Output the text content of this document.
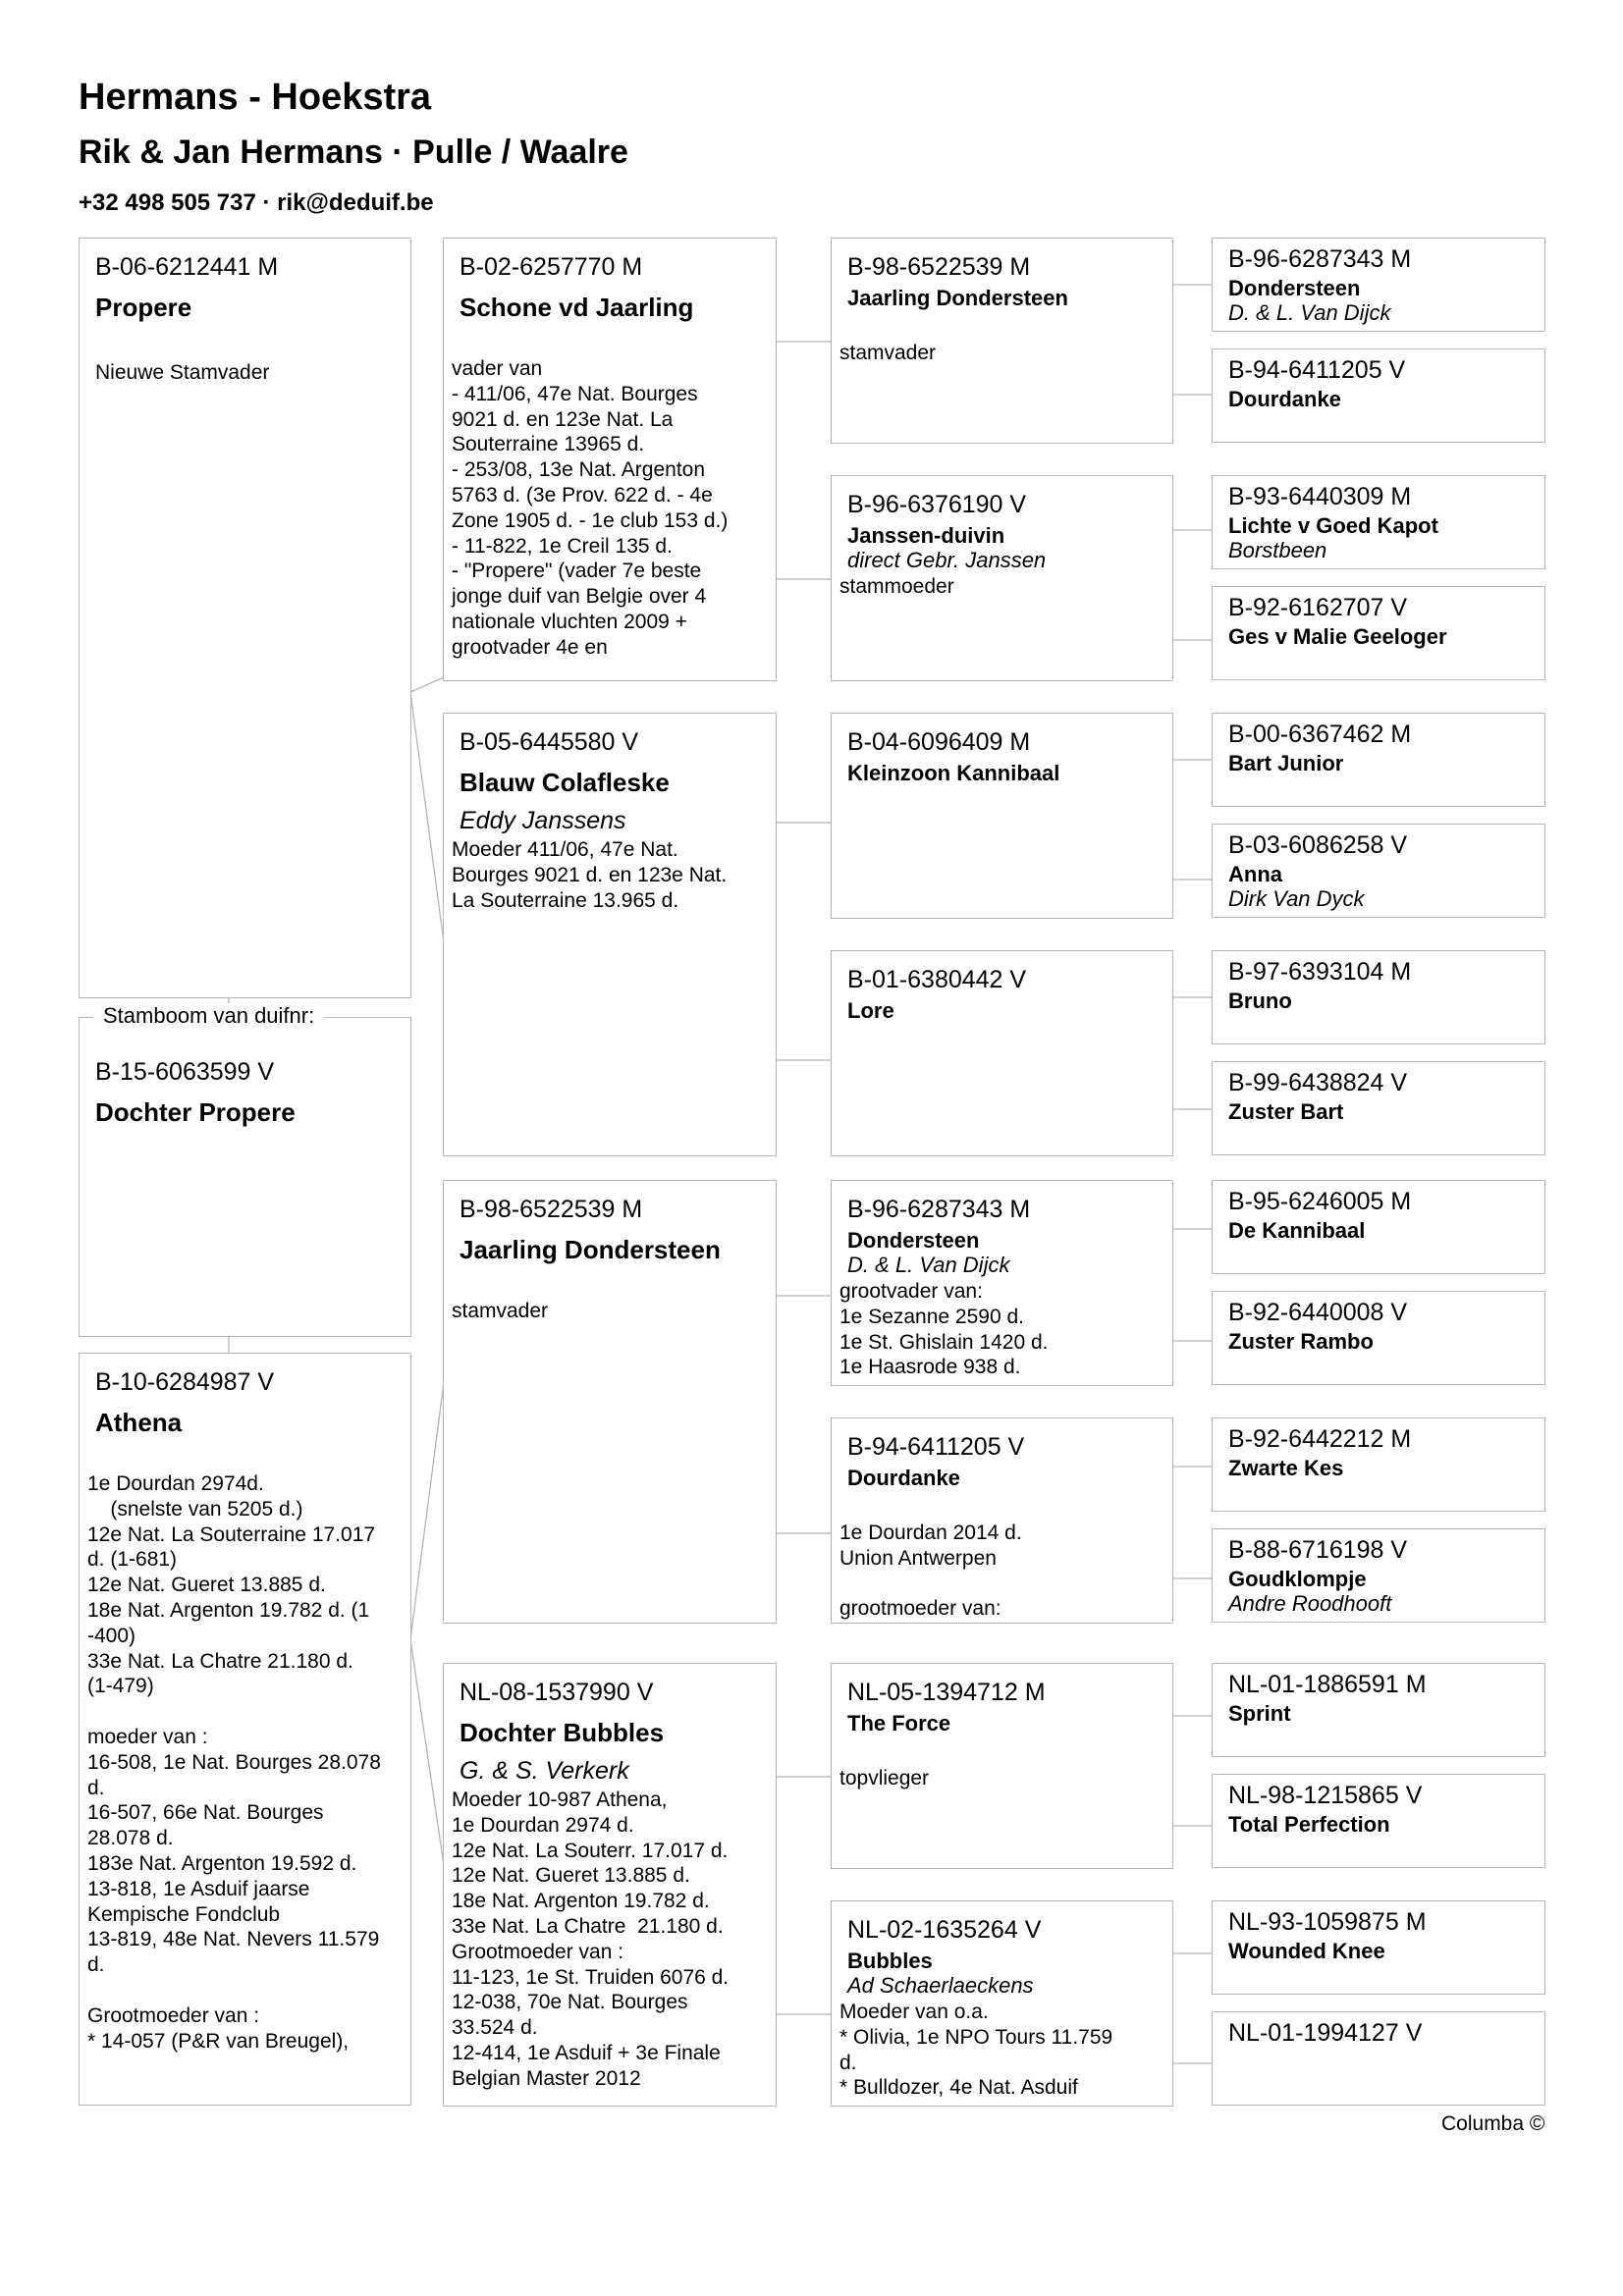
Hermans - Hoekstra
Rik & Jan Hermans · Pulle / Waalre
+32 498 505 737 · rik@deduif.be
B-06-6212441 M
Propere
Nieuwe Stamvader
B-15-6063599 V
Dochter Propere
Stamboom van duifnr:
B-10-6284987 V
Athena
1e Dourdan 2974d.
(snelste van 5205 d.)
12e Nat. La Souterraine 17.017
d. (1-681)
12e Nat. Gueret 13.885 d.
18e Nat. Argenton 19.782 d. (1
-400)
33e Nat. La Chatre 21.180 d.
(1-479)

moeder van :
16-508, 1e Nat. Bourges 28.078
d.
16-507, 66e Nat. Bourges
28.078 d.
183e Nat. Argenton 19.592 d.
13-818, 1e Asduif jaarse
Kempische Fondclub
13-819, 48e Nat. Nevers 11.579
d.

Grootmoeder van :
* 14-057 (P&R van Breugel),
B-02-6257770 M
Schone vd Jaarling
vader van
- 411/06, 47e Nat. Bourges
9021 d. en 123e Nat. La
Souterraine 13965 d.
- 253/08, 13e Nat. Argenton
5763 d. (3e Prov. 622 d. - 4e
Zone 1905 d. - 1e club 153 d.)
- 11-822, 1e Creil 135 d.
- "Propere" (vader 7e beste
jonge duif van Belgie over 4
nationale vluchten 2009 +
grootvader 4e en
B-05-6445580 V
Blauw Colafleske
Eddy Janssens
Moeder 411/06, 47e Nat.
Bourges 9021 d. en 123e Nat.
La Souterraine 13.965 d.
B-98-6522539 M
Jaarling Dondersteen
stamvader
NL-08-1537990 V
Dochter Bubbles
G. & S. Verkerk
Moeder 10-987 Athena,
1e Dourdan 2974 d.
12e Nat. La Souterr. 17.017 d.
12e Nat. Gueret 13.885 d.
18e Nat. Argenton 19.782 d.
33e Nat. La Chatre  21.180 d.
Grootmoeder van :
11-123, 1e St. Truiden 6076 d.
12-038, 70e Nat. Bourges
33.524 d.
12-414, 1e Asduif + 3e Finale
Belgian Master 2012
B-98-6522539 M
Jaarling Dondersteen
stamvader
B-96-6376190 V
Janssen-duivin
direct Gebr. Janssen
stammoeder
B-04-6096409 M
Kleinzoon Kannibaal
B-01-6380442 V
Lore
B-96-6287343 M
Dondersteen
D. & L. Van Dijck
grootvader van:
1e Sezanne 2590 d.
1e St. Ghislain 1420 d.
1e Haasrode 938 d.
B-94-6411205 V
Dourdanke
1e Dourdan 2014 d.
Union Antwerpen

grootmoeder van:
NL-05-1394712 M
The Force
topvlieger
NL-02-1635264 V
Bubbles
Ad Schaerlaeckens
Moeder van o.a.
* Olivia, 1e NPO Tours 11.759
d.
* Bulldozer, 4e Nat. Asduif
B-96-6287343 M
Dondersteen
D. & L. Van Dijck
B-94-6411205 V
Dourdanke
B-93-6440309 M
Lichte v Goed Kapot
Borstbeen
B-92-6162707 V
Ges v Malie Geeloger
B-00-6367462 M
Bart Junior
B-03-6086258 V
Anna
Dirk Van Dyck
B-97-6393104 M
Bruno
B-99-6438824 V
Zuster Bart
B-95-6246005 M
De Kannibaal
B-92-6440008 V
Zuster Rambo
B-92-6442212 M
Zwarte Kes
B-88-6716198 V
Goudklompje
Andre Roodhooft
NL-01-1886591 M
Sprint
NL-98-1215865 V
Total Perfection
NL-93-1059875 M
Wounded Knee
NL-01-1994127 V
Columba ©
